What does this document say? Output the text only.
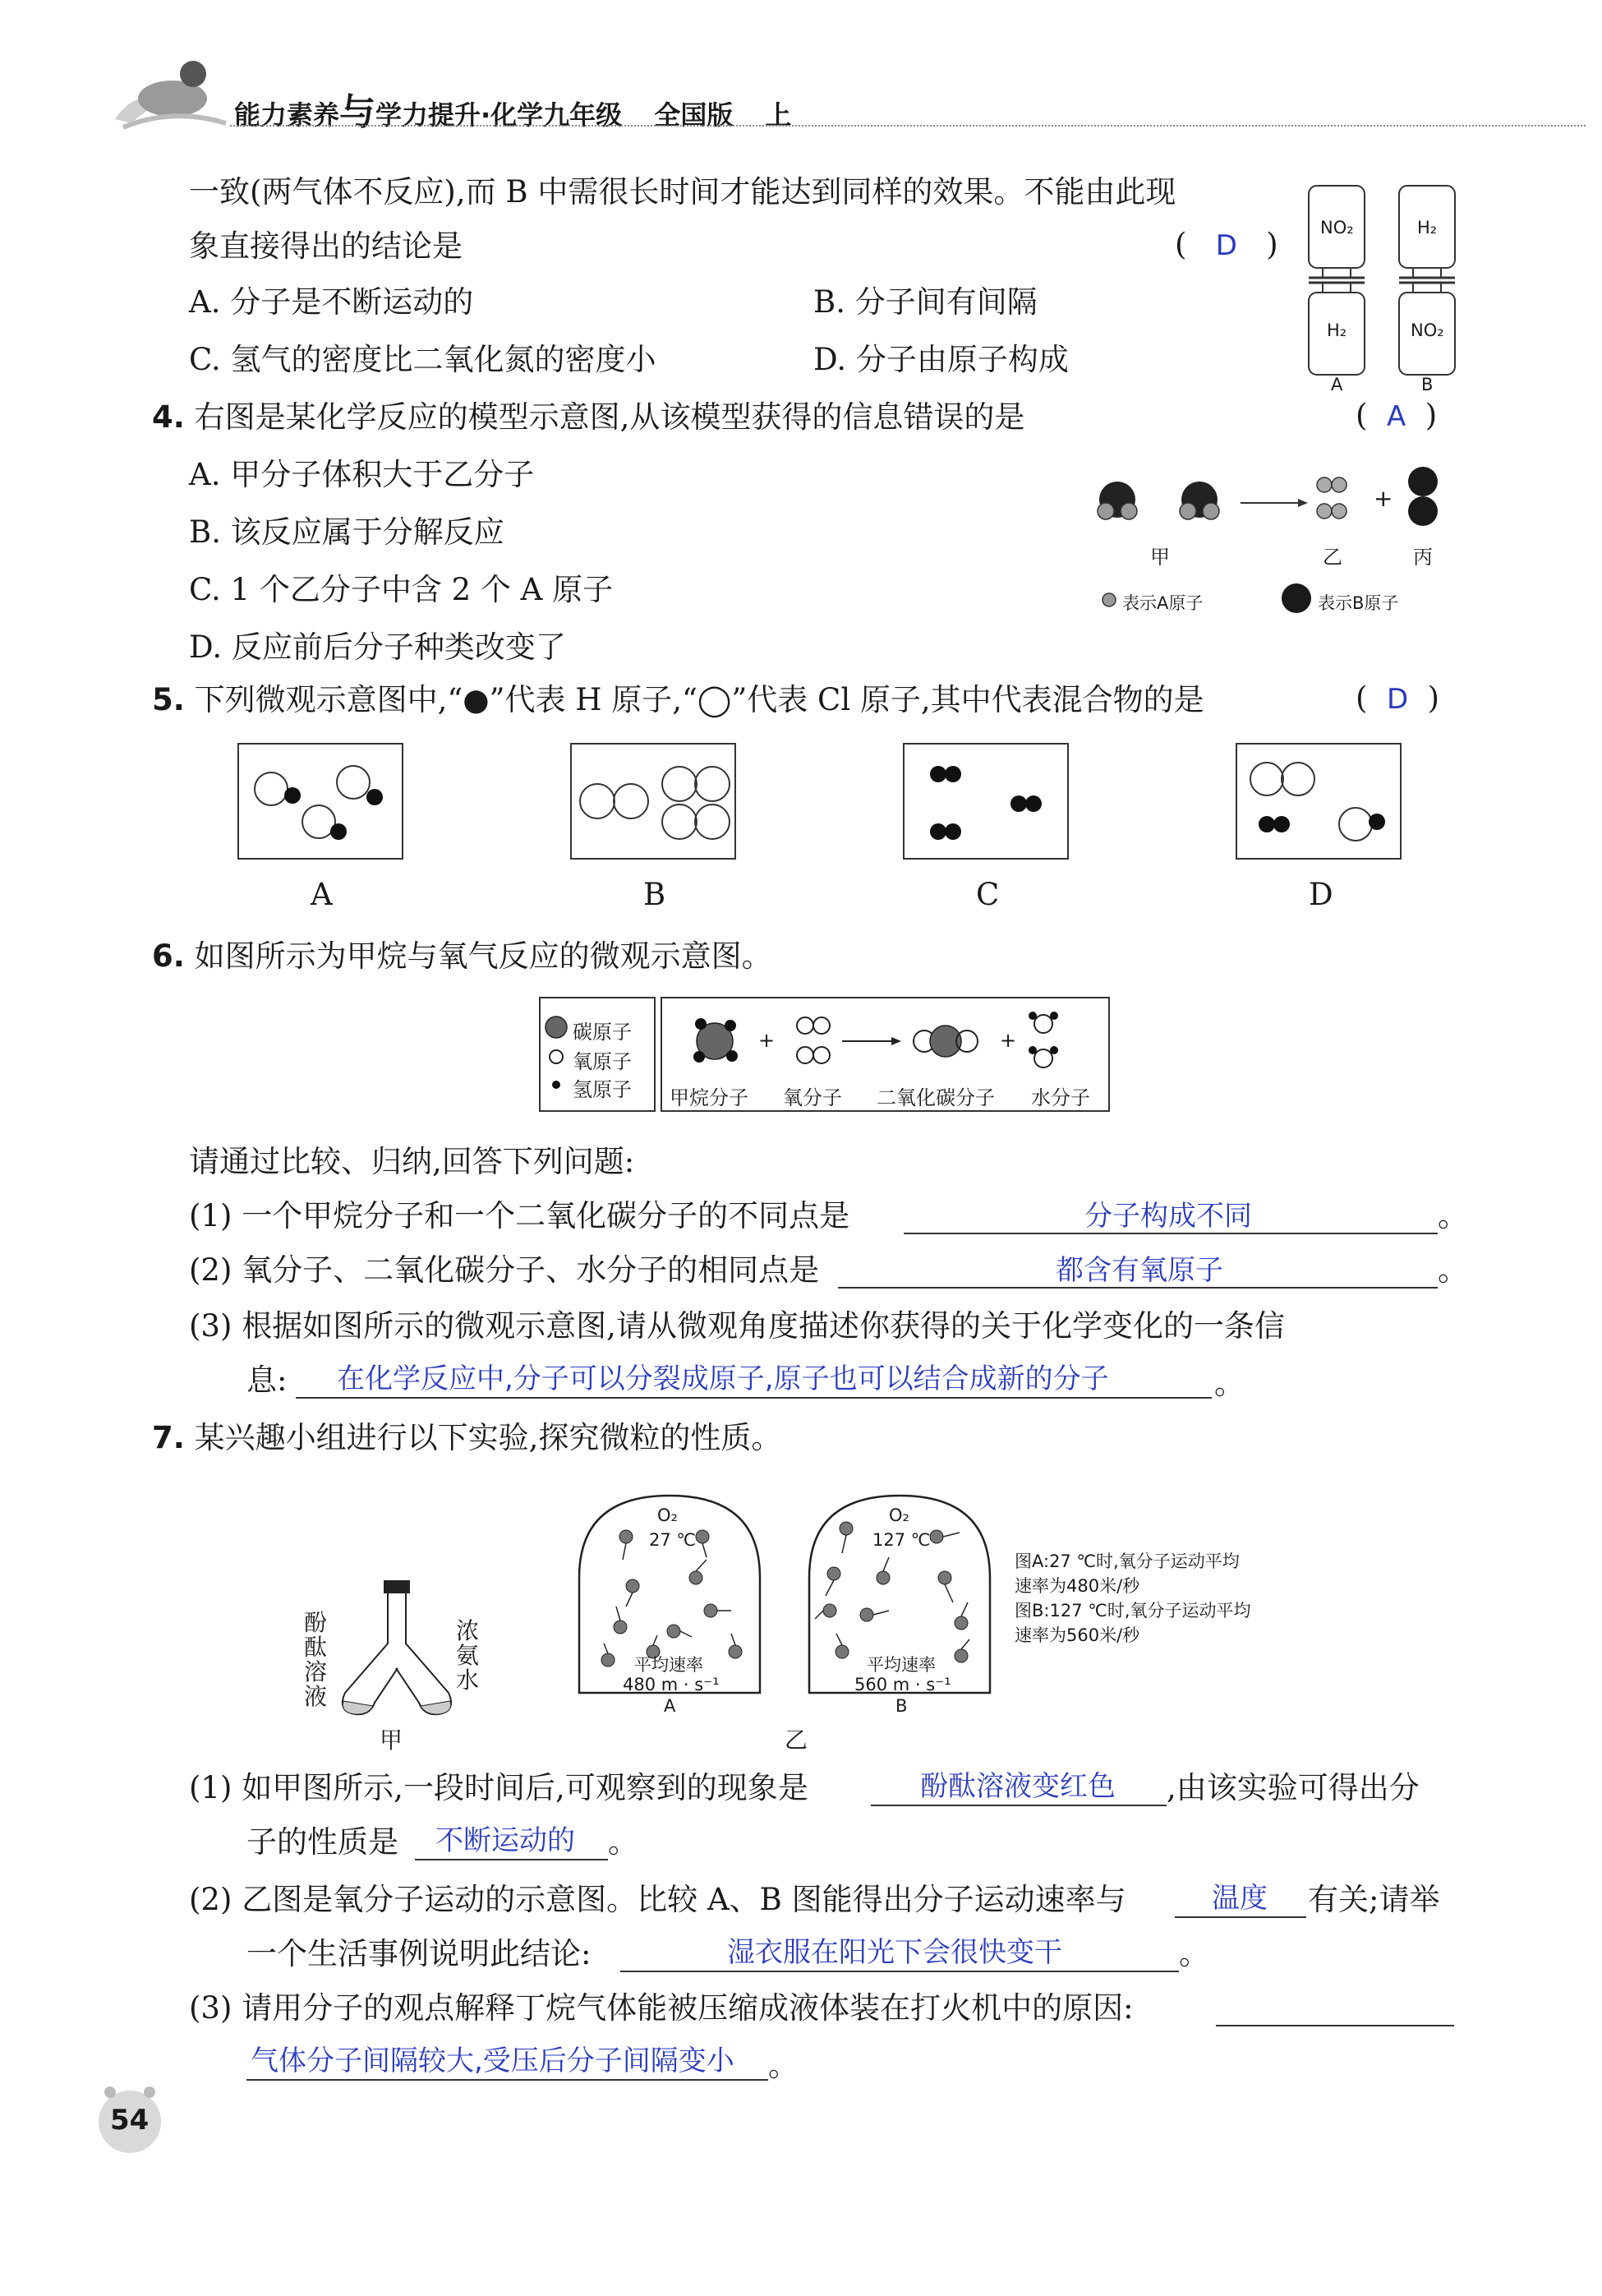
能力素养与学力提升·化学九年级 全国版 上
一致(两气体不反应),而 B 中需很长时间才能达到同样的效果。不能由此现
象直接得出的结论是	(   D   )
A. 分子是不断运动的	B. 分子间有间隔
C. 氢气的密度比二氧化氮的密度小	D. 分子由原子构成
NO₂
H₂
H₂
NO₂
A	B
4. 右图是某化学反应的模型示意图,从该模型获得的信息错误的是	(  A  )
A. 甲分子体积大于乙分子
B. 该反应属于分解反应
C. 1 个乙分子中含 2 个 A 原子
D. 反应前后分子种类改变了
+
甲	乙	丙
表示A原子	表示B原子
5. 下列微观示意图中,“●”代表 H 原子,“◯”代表 Cl 原子,其中代表混合物的是	(  D  )
A	B	C	D
6. 如图所示为甲烷与氧气反应的微观示意图。
碳原子
氧原子
氢原子
+	+
甲烷分子 氧分子 二氧化碳分子 水分子
请通过比较、归纳,回答下列问题:
(1) 一个甲烷分子和一个二氧化碳分子的不同点是	分子构成不同	。
(2) 氧分子、二氧化碳分子、水分子的相同点是	都含有氧原子	。
(3) 根据如图所示的微观示意图,请从微观角度描述你获得的关于化学变化的一条信
息: 在化学反应中,分子可以分裂成原子,原子也可以结合成新的分子	。
7. 某兴趣小组进行以下实验,探究微粒的性质。
酚
酞
溶
液
浓
氨
水
甲
O₂
27 ℃
平均速率
480 m · s⁻¹
A
O₂
127 ℃
平均速率
560 m · s⁻¹
B
乙
图A:27 ℃时,氧分子运动平均
速率为480米/秒
图B:127 ℃时,氧分子运动平均
速率为560米/秒
(1) 如甲图所示,一段时间后,可观察到的现象是	酚酞溶液变红色 ,由该实验可得出分
子的性质是 不断运动的 。
(2) 乙图是氧分子运动的示意图。比较 A、B 图能得出分子运动速率与	温度 有关;请举
一个生活事例说明此结论:	湿衣服在阳光下会很快变干	。
(3) 请用分子的观点解释丁烷气体能被压缩成液体装在打火机中的原因:
气体分子间隔较大,受压后分子间隔变小 。
54
